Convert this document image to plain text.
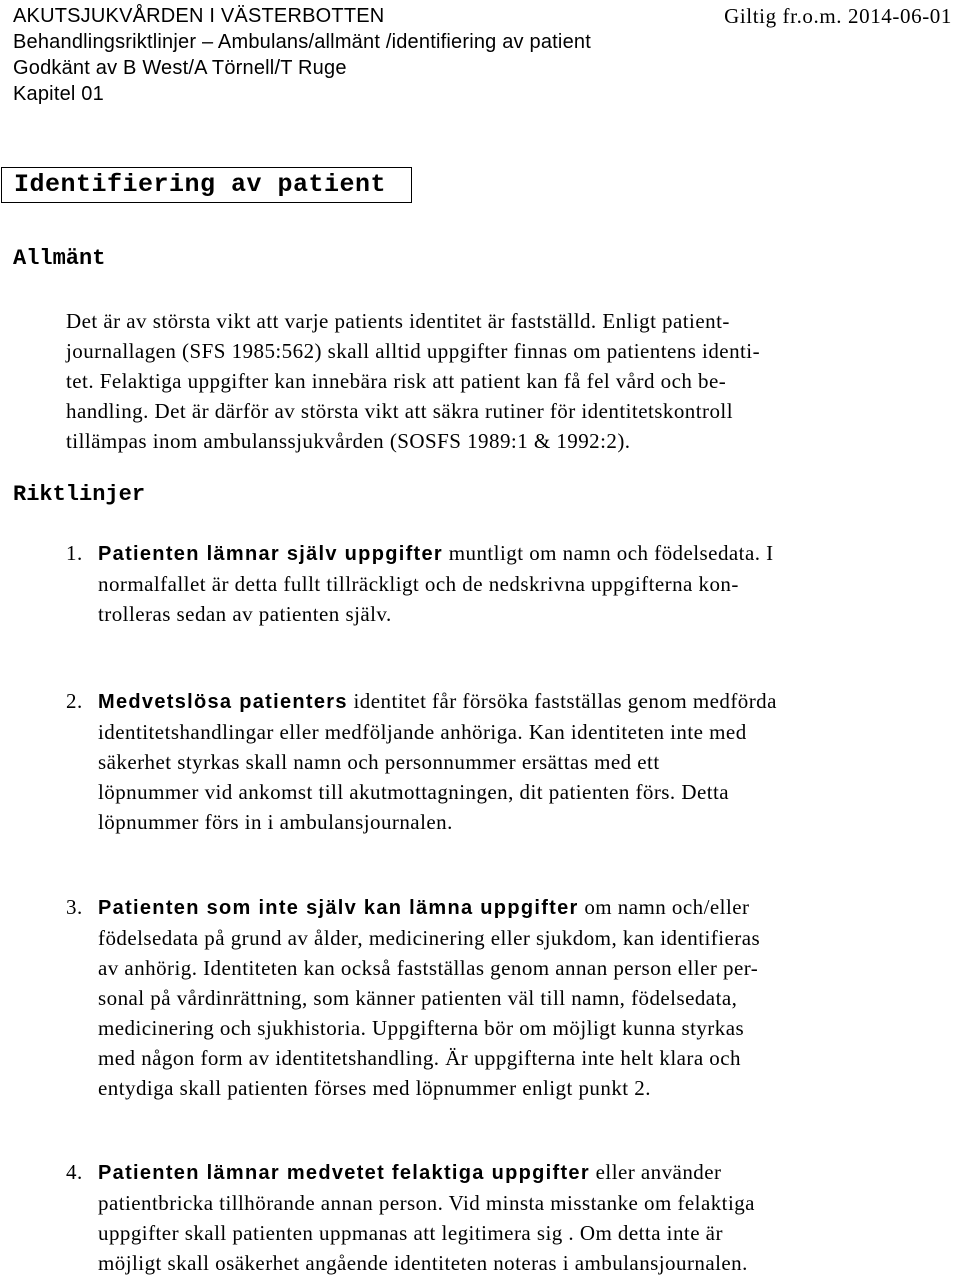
AKUTSJUKVÅRDEN I VÄSTERBOTTEN	Giltig fr.o.m. 2014-06-01
Behandlingsriktlinjer – Ambulans/allmänt /identifiering av patient
Godkänt av B West/A Törnell/T Ruge
Kapitel 01
Identifiering av patient
Allmänt
Det är av största vikt att varje patients identitet är fastställd. Enligt patient-
journallagen (SFS 1985:562) skall alltid uppgifter finnas om patientens identi-
tet. Felaktiga uppgifter kan innebära risk att patient kan få fel vård och be-
handling. Det är därför av största vikt att säkra rutiner för identitetskontroll
tillämpas inom ambulanssjukvården (SOSFS 1989:1 & 1992:2).
Riktlinjer
1. Patienten lämnar själv uppgifter muntligt om namn och födelsedata. I
normalfallet är detta fullt tillräckligt och de nedskrivna uppgifterna kon-
trolleras sedan av patienten själv.
2. Medvetslösa patienters identitet får försöka fastställas genom medförda
identitetshandlingar eller medföljande anhöriga. Kan identiteten inte med
säkerhet styrkas skall namn och personnummer ersättas med ett
löpnummer vid ankomst till akutmottagningen, dit patienten förs. Detta
löpnummer förs in i ambulansjournalen.
3. Patienten som inte själv kan lämna uppgifter om namn och/eller
födelsedata på grund av ålder, medicinering eller sjukdom, kan identifieras
av anhörig. Identiteten kan också fastställas genom annan person eller per-
sonal på vårdinrättning, som känner patienten väl till namn, födelsedata,
medicinering och sjukhistoria. Uppgifterna bör om möjligt kunna styrkas
med någon form av identitetshandling. Är uppgifterna inte helt klara och
entydiga skall patienten förses med löpnummer enligt punkt 2.
4. Patienten lämnar medvetet felaktiga uppgifter eller använder
patientbricka tillhörande annan person. Vid minsta misstanke om felaktiga
uppgifter skall patienten uppmanas att legitimera sig . Om detta inte är
möjligt skall osäkerhet angående identiteten noteras i ambulansjournalen.
